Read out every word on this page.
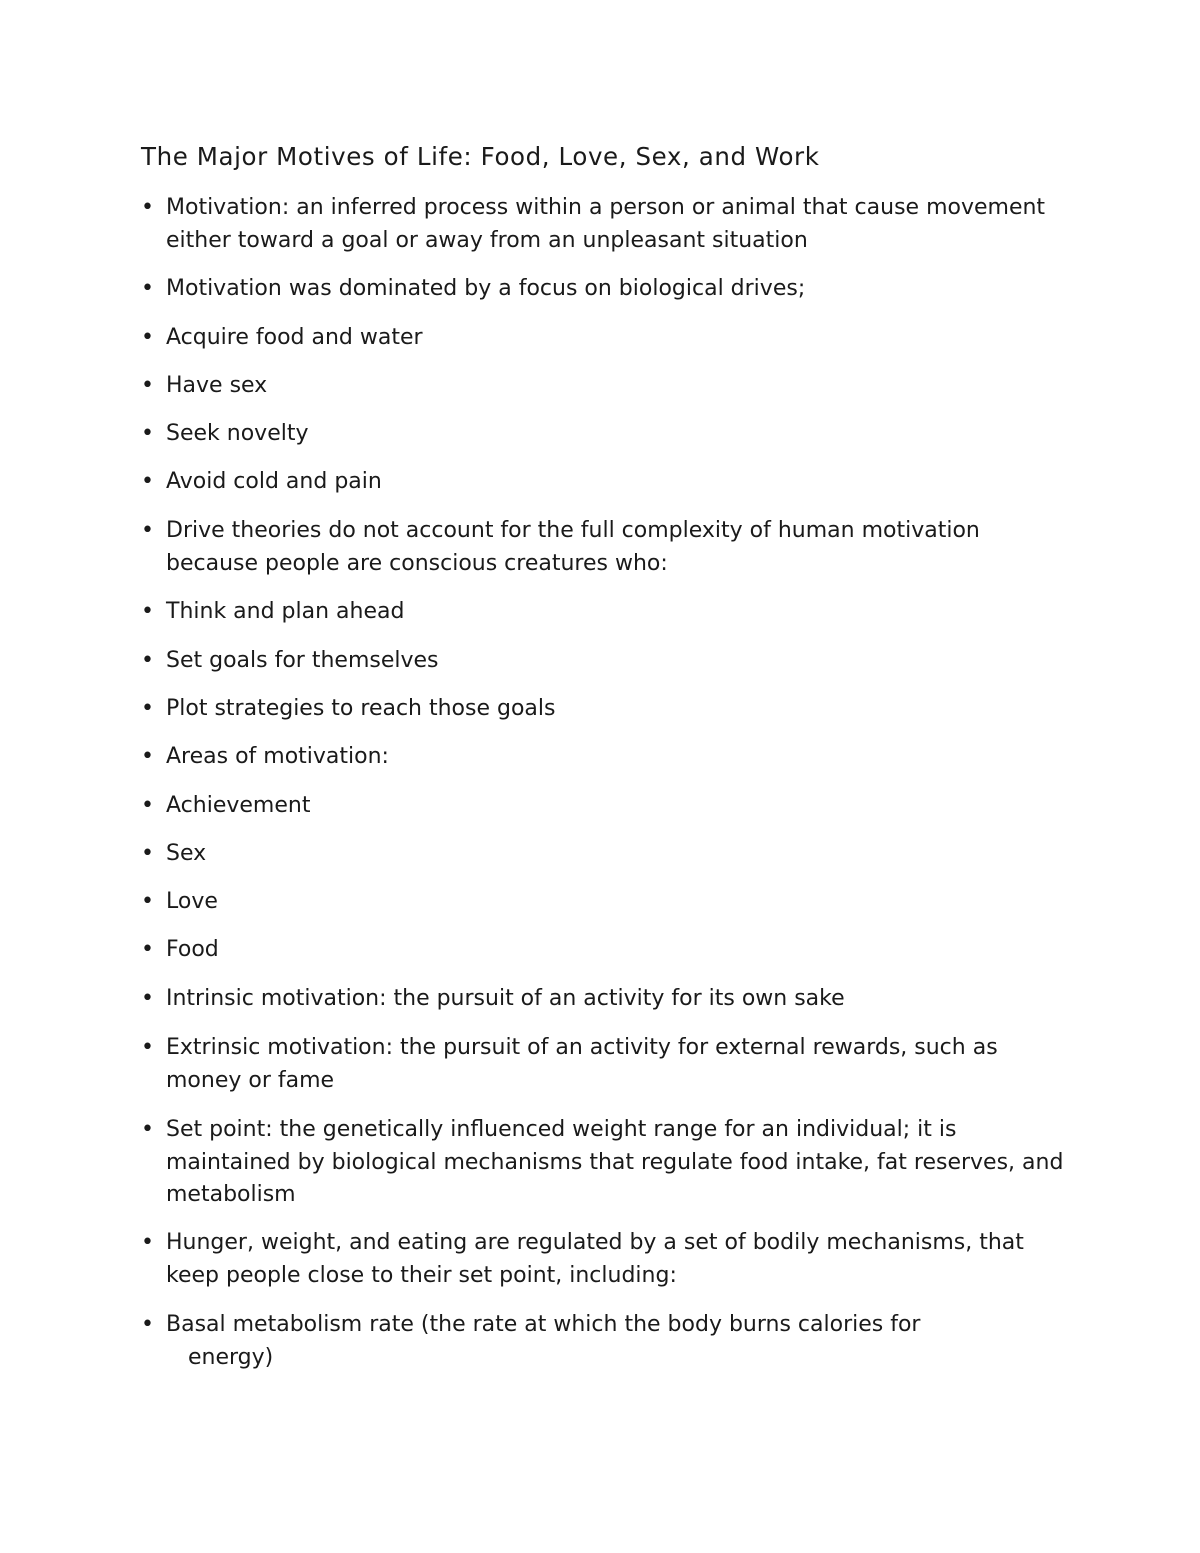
The Major Motives of Life: Food, Love, Sex, and Work
• Motivation: an inferred process within a person or animal that cause movement either toward a goal or away from an unpleasant situation
• Motivation was dominated by a focus on biological drives;
• Acquire food and water
• Have sex
• Seek novelty
• Avoid cold and pain
• Drive theories do not account for the full complexity of human motivation because people are conscious creatures who:
• Think and plan ahead
• Set goals for themselves
• Plot strategies to reach those goals
• Areas of motivation:
• Achievement
• Sex
• Love
• Food
• Intrinsic motivation: the pursuit of an activity for its own sake
• Extrinsic motivation: the pursuit of an activity for external rewards, such as money or fame
• Set point: the genetically influenced weight range for an individual; it is maintained by biological mechanisms that regulate food intake, fat reserves, and metabolism
• Hunger, weight, and eating are regulated by a set of bodily mechanisms, that keep people close to their set point, including:
• Basal metabolism rate (the rate at which the body burns calories for
energy)
